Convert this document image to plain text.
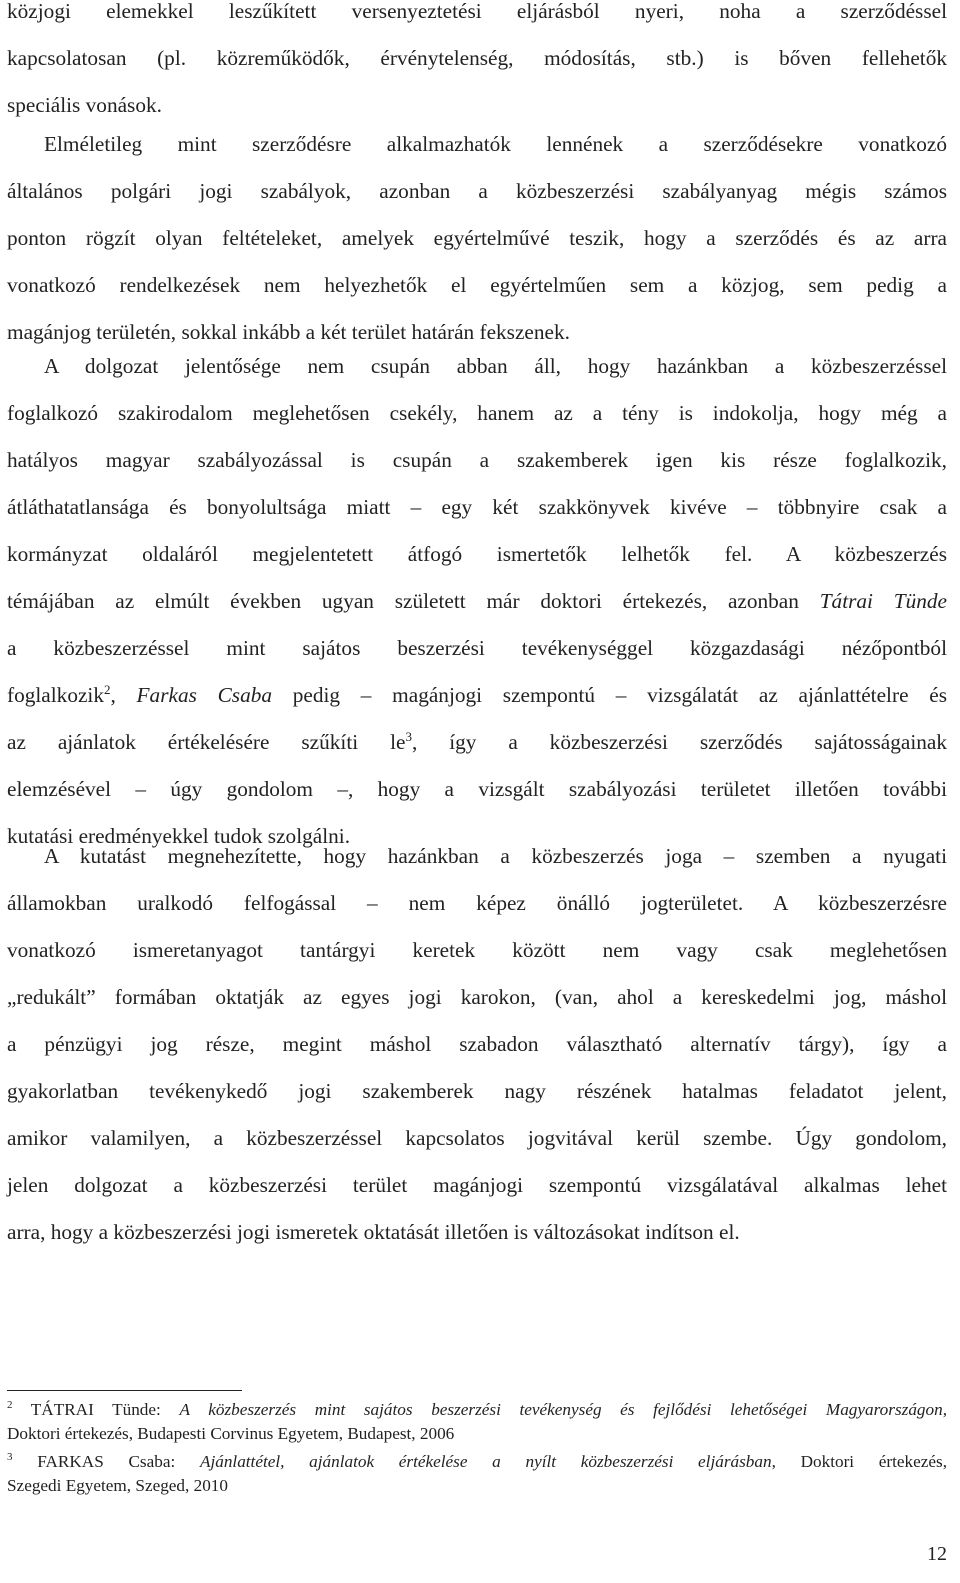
közjogi elemekkel leszűkített versenyeztetési eljárásból nyeri, noha a szerződéssel
kapcsolatosan (pl. közreműködők, érvénytelenség, módosítás, stb.) is bőven fellehetők
speciális vonások.
Elméletileg mint szerződésre alkalmazhatók lennének a szerződésekre vonatkozó
általános polgári jogi szabályok, azonban a közbeszerzési szabályanyag mégis számos
ponton rögzít olyan feltételeket, amelyek egyértelművé teszik, hogy a szerződés és az arra
vonatkozó rendelkezések nem helyezhetők el egyértelműen sem a közjog, sem pedig a
magánjog területén, sokkal inkább a két terület határán fekszenek.
A dolgozat jelentősége nem csupán abban áll, hogy hazánkban a közbeszerzéssel
foglalkozó szakirodalom meglehetősen csekély, hanem az a tény is indokolja, hogy még a
hatályos magyar szabályozással is csupán a szakemberek igen kis része foglalkozik,
átláthatatlansága és bonyolultsága miatt – egy két szakkönyvek kivéve – többnyire csak a
kormányzat oldaláról megjelentetett átfogó ismertetők lelhetők fel. A közbeszerzés
témájában az elmúlt években ugyan született már doktori értekezés, azonban Tátrai Tünde
a közbeszerzéssel mint sajátos beszerzési tevékenységgel közgazdasági nézőpontból
foglalkozik$^2$, Farkas Csaba pedig – magánjogi szempontú – vizsgálatát az ajánlattételre és
az ajánlatok értékelésére szűkíti $le^3$, így a közbeszerzési szerződés sajátosságainak
elemzésével – úgy gondolom –, hogy a vizsgált szabályozási területet illetően további
kutatási eredményekkel tudok szolgálni.
A kutatást megnehezítette, hogy hazánkban a közbeszerzés joga – szemben a nyugati
államokban uralkodó felfogással – nem képez önálló jogterületet. A közbeszerzésre
vonatkozó ismeretanyagot tantárgyi keretek között nem vagy csak meglehetősen
„redukált” formában oktatják az egyes jogi karokon, (van, ahol a kereskedelmi jog, máshol
a pénzügyi jog része, megint máshol szabadon választható alternatív tárgy), így a
gyakorlatban tevékenykedő jogi szakemberek nagy részének hatalmas feladatot jelent,
amikor valamilyen, a közbeszerzéssel kapcsolatos jogvitával kerül szembe. Úgy gondolom,
jelen dolgozat a közbeszerzési terület magánjogi szempontú vizsgálatával alkalmas lehet
arra, hogy a közbeszerzési jogi ismeretek oktatását illetően is változásokat indítson el.
$^2$ TÁTRAI Tünde: A közbeszerzés mint sajátos beszerzési tevékenység és fejlődési lehetőségei Magyarországon,
Doktori értekezés, Budapesti Corvinus Egyetem, Budapest, 2006
$^3$ FARKAS Csaba: Ajánlattétel, ajánlatok értékelése a nyílt közbeszerzési eljárásban, Doktori értekezés,
Szegedi Egyetem, Szeged, 2010
12
